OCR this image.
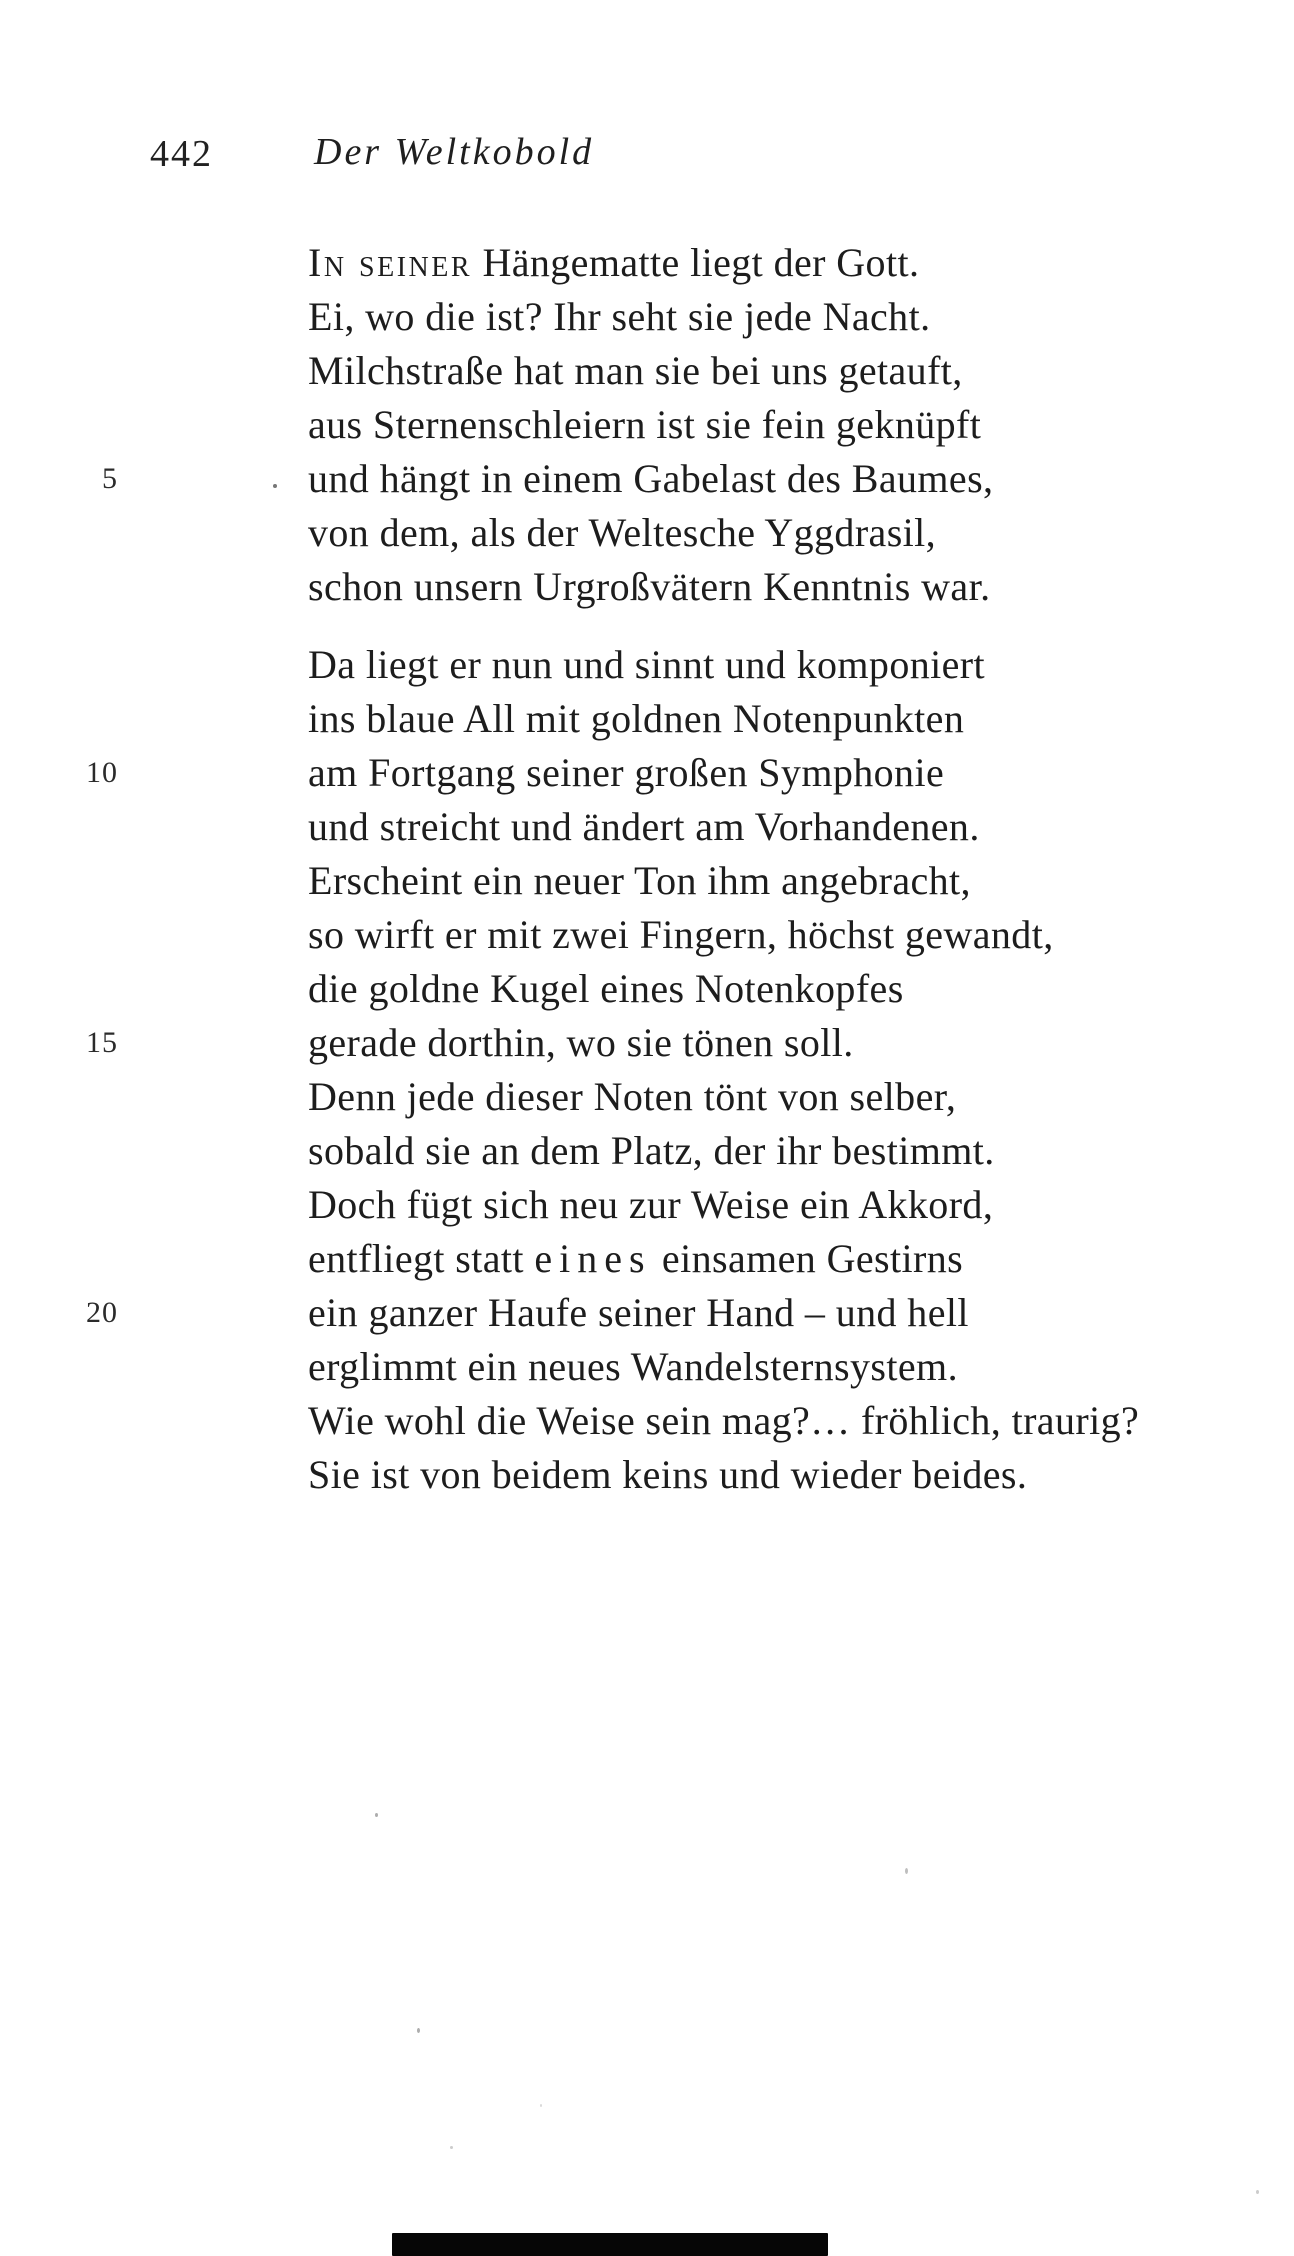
442	Der Weltkobold
In seiner Hängematte liegt der Gott.
Ei, wo die ist? Ihr seht sie jede Nacht.
Milchstraße hat man sie bei uns getauft,
aus Sternenschleiern ist sie fein geknüpft
5	und hängt in einem Gabelast des Baumes,
von dem, als der Weltesche Yggdrasil,
schon unsern Urgroßvätern Kenntnis war.
Da liegt er nun und sinnt und komponiert
ins blaue All mit goldnen Notenpunkten
10	am Fortgang seiner großen Symphonie
und streicht und ändert am Vorhandenen.
Erscheint ein neuer Ton ihm angebracht,
so wirft er mit zwei Fingern, höchst gewandt,
die goldne Kugel eines Notenkopfes
15	gerade dorthin, wo sie tönen soll.
Denn jede dieser Noten tönt von selber,
sobald sie an dem Platz, der ihr bestimmt.
Doch fügt sich neu zur Weise ein Akkord,
entfliegt statt eines einsamen Gestirns
20	ein ganzer Haufe seiner Hand – und hell
erglimmt ein neues Wandelsternsystem.
Wie wohl die Weise sein mag?… fröhlich, traurig?
Sie ist von beidem keins und wieder beides.
